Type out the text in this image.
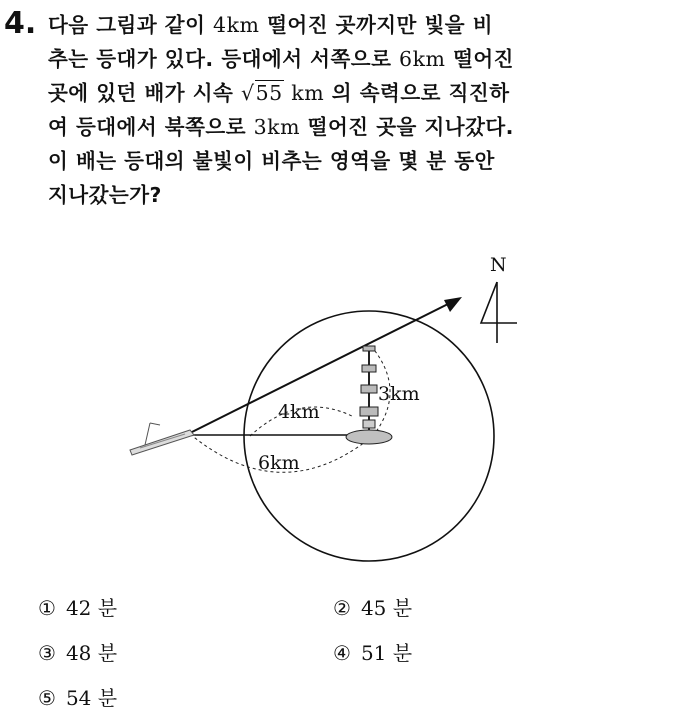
4. 다음 그림과 같이 4km 떨어진 곳까지만 빛을 비
추는 등대가 있다. 등대에서 서쪽으로 6km 떨어진
곳에 있던 배가 시속 √55 km 의 속력으로 직진하
여 등대에서 북쪽으로 3km 떨어진 곳을 지나갔다.
이 배는 등대의 불빛이 비추는 영역을 몇 분 동안
지나갔는가?
N
4km
3km
6km
① 42 분	② 45 분
③ 48 분	④ 51 분
⑤ 54 분
